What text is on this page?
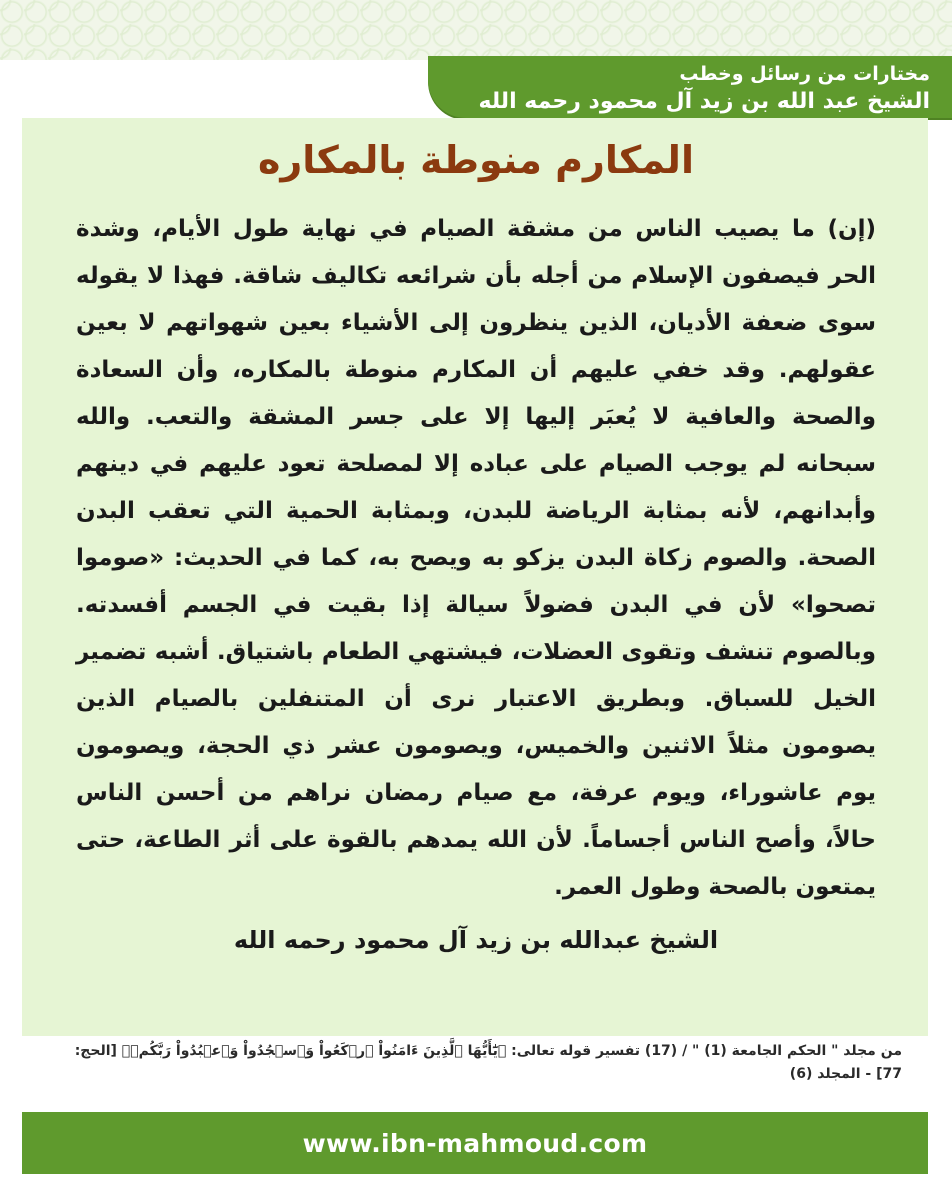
مختارات من رسائل وخطب
الشيخ عبد الله بن زيد آل محمود رحمه الله
المكارم منوطة بالمكاره
(إن) ما يصيب الناس من مشقة الصيام في نهاية طول الأيام، وشدة الحر فيصفون الإسلام من أجله بأن شرائعه تكاليف شاقة. فهذا لا يقوله سوى ضعفة الأديان، الذين ينظرون إلى الأشياء بعين شهواتهم لا بعين عقولهم. وقد خفي عليهم أن المكارم منوطة بالمكاره، وأن السعادة والصحة والعافية لا يُعبَر إليها إلا على جسر المشقة والتعب. والله سبحانه لم يوجب الصيام على عباده إلا لمصلحة تعود عليهم في دينهم وأبدانهم، لأنه بمثابة الرياضة للبدن، وبمثابة الحمية التي تعقب البدن الصحة. والصوم زكاة البدن يزكو به ويصح به، كما في الحديث: «صوموا تصحوا» لأن في البدن فضولاً سيالة إذا بقيت في الجسم أفسدته. وبالصوم تنشف وتقوى العضلات، فيشتهي الطعام باشتياق. أشبه تضمير الخيل للسباق. وبطريق الاعتبار نرى أن المتنفلين بالصيام الذين يصومون مثلاً الاثنين والخميس، ويصومون عشر ذي الحجة، ويصومون يوم عاشوراء، ويوم عرفة، مع صيام رمضان نراهم من أحسن الناس حالاً، وأصح الناس أجساماً. لأن الله يمدهم بالقوة على أثر الطاعة، حتى يمتعون بالصحة وطول العمر.
الشيخ عبدالله بن زيد آل محمود رحمه الله
من مجلد " الحكم الجامعة (1) " / (17) تفسير قوله تعالى: ﴿يَٰٓأَيُّهَا ٱلَّذِينَ ءَامَنُواْ ٱرۡكَعُواْ وَٱسۡجُدُواْ وَٱعۡبُدُواْ رَبَّكُمۡ﴾ [الحج: 77] - المجلد (6)
www.ibn-mahmoud.com
